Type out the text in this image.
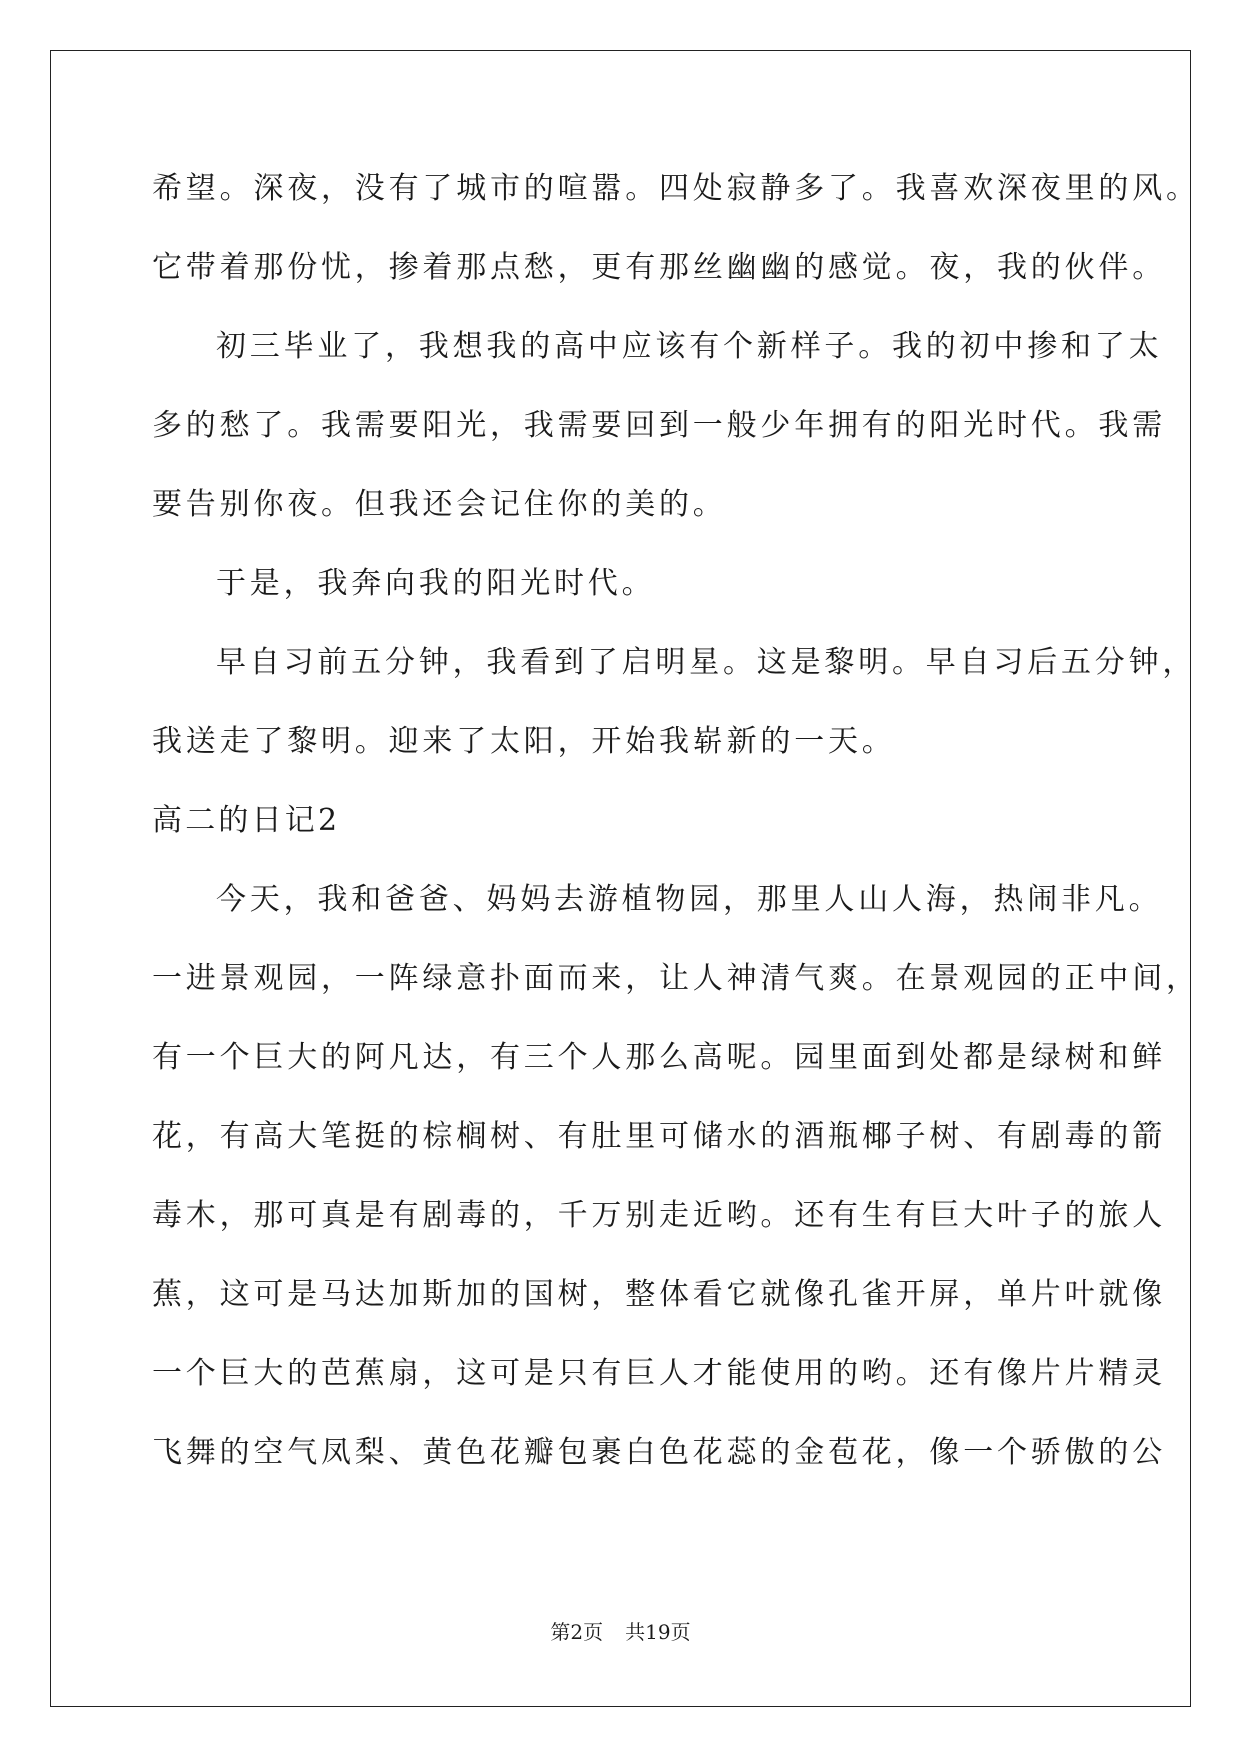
希望。深夜，没有了城市的喧嚣。四处寂静多了。我喜欢深夜里的风。
它带着那份忧，掺着那点愁，更有那丝幽幽的感觉。夜，我的伙伴。
初三毕业了，我想我的高中应该有个新样子。我的初中掺和了太
多的愁了。我需要阳光，我需要回到一般少年拥有的阳光时代。我需
要告别你夜。但我还会记住你的美的。
于是，我奔向我的阳光时代。
早自习前五分钟，我看到了启明星。这是黎明。早自习后五分钟，
我送走了黎明。迎来了太阳，开始我崭新的一天。
高二的日记2
今天，我和爸爸、妈妈去游植物园，那里人山人海，热闹非凡。
一进景观园，一阵绿意扑面而来，让人神清气爽。在景观园的正中间，
有一个巨大的阿凡达，有三个人那么高呢。园里面到处都是绿树和鲜
花，有高大笔挺的棕榈树、有肚里可储水的酒瓶椰子树、有剧毒的箭
毒木，那可真是有剧毒的，千万别走近哟。还有生有巨大叶子的旅人
蕉，这可是马达加斯加的国树，整体看它就像孔雀开屏，单片叶就像
一个巨大的芭蕉扇，这可是只有巨人才能使用的哟。还有像片片精灵
飞舞的空气凤梨、黄色花瓣包裹白色花蕊的金苞花，像一个骄傲的公
第2页 共19页
